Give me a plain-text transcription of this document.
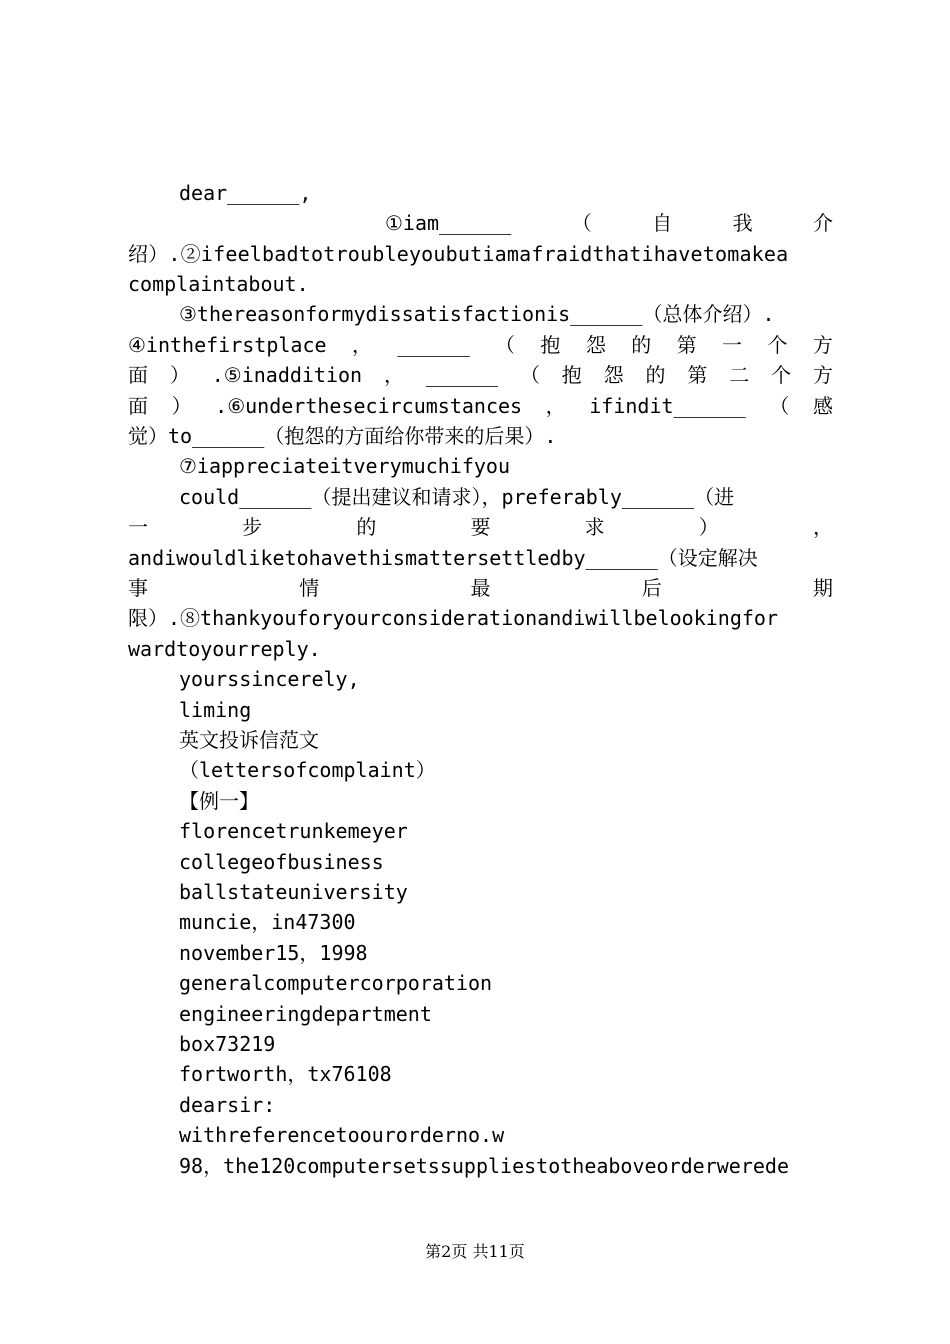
dear______,
①iam______	（	自	我	介
绍）.②ifeelbadtotroubleyoubutiamafraidthatihavetomakea
complaintabout.
③thereasonformydissatisfactionis______（总体介绍）.
④inthefirstplace ， ______ （ 抱 怨 的 第 一 个 方
面 ） .⑤inaddition ， ______ （ 抱 怨 的 第 二 个 方
面 ） .⑥underthesecircumstances ， ifindit______ （ 感
觉）to______（抱怨的方面给你带来的后果）.
⑦iappreciateitverymuchifyou
could______（提出建议和请求），preferably______（进
一	步	的	要	求	）	，
andiwouldliketohavethismattersettledby______（设定解决
事	情	最	后	期
限）.⑧thankyouforyourconsiderationandiwillbelookingfor
wardtoyourreply.
yourssincerely,
liming
英文投诉信范文
（lettersofcomplaint）
【例一】
florencetrunkemeyer
collegeofbusiness
ballstateuniversity
muncie，in47300
november15，1998
generalcomputercorporation
engineeringdepartment
box73219
fortworth，tx76108
dearsir:
withreferencetoourorderno.w
98，the120computersetssuppliestotheaboveorderwerede
第2页 共11页
